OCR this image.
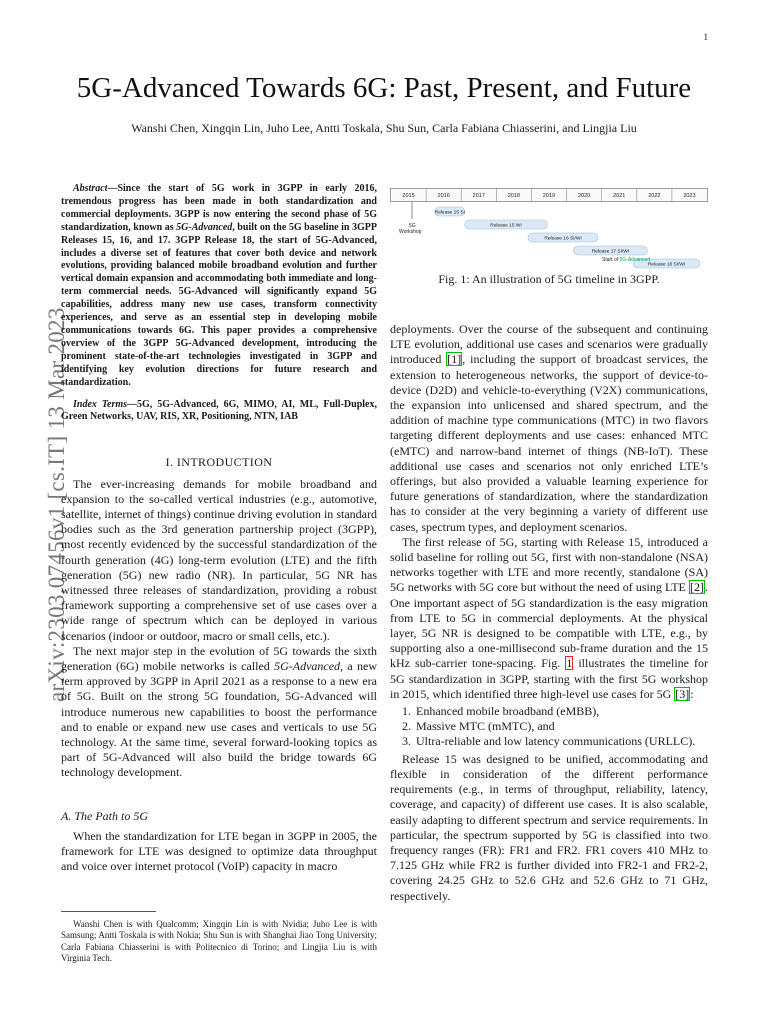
1
arXiv:2303.07456v1 [cs.IT] 13 Mar 2023
5G-Advanced Towards 6G: Past, Present, and Future

Wanshi Chen, Xingqin Lin, Juho Lee, Antti Toskala, Shu Sun, Carla Fabiana Chiasserini, and Lingjia Liu

Abstract—Since the start of 5G work in 3GPP in early 2016, tremendous progress has been made in both standardization and commercial deployments. 3GPP is now entering the second phase of 5G standardization, known as 5G-Advanced, built on the 5G baseline in 3GPP Releases 15, 16, and 17. 3GPP Release 18, the start of 5G-Advanced, includes a diverse set of features that cover both device and network evolutions, providing balanced mobile broadband evolution and further vertical domain expansion and accommodating both immediate and long-term commercial needs. 5G-Advanced will significantly expand 5G capabilities, address many new use cases, transform connectivity experiences, and serve as an essential step in developing mobile communications towards 6G. This paper provides a comprehensive overview of the 3GPP 5G-Advanced development, introducing the prominent state-of-the-art technologies investigated in 3GPP and identifying key evolution directions for future research and standardization.

Index Terms—5G, 5G-Advanced, 6G, MIMO, AI, ML, Full-Duplex, Green Networks, UAV, RIS, XR, Positioning, NTN, IAB

I. INTRODUCTION

The ever-increasing demands for mobile broadband and expansion to the so-called vertical industries (e.g., automotive, satellite, internet of things) continue driving evolution in standard bodies such as the 3rd generation partnership project (3GPP), most recently evidenced by the successful standardization of the fourth generation (4G) long-term evolution (LTE) and the fifth generation (5G) new radio (NR). In particular, 5G NR has witnessed three releases of standardization, providing a robust framework supporting a comprehensive set of use cases over a wide range of spectrum which can be deployed in various scenarios (indoor or outdoor, macro or small cells, etc.).

The next major step in the evolution of 5G towards the sixth generation (6G) mobile networks is called 5G-Advanced, a new term approved by 3GPP in April 2021 as a response to a new era of 5G. Built on the strong 5G foundation, 5G-Advanced will introduce numerous new capabilities to boost the performance and to enable or expand new use cases and verticals to use 5G technology. At the same time, several forward-looking topics as part of 5G-Advanced will also build the bridge towards 6G technology development.

A. The Path to 5G

When the standardization for LTE began in 3GPP in 2005, the framework for LTE was designed to optimize data throughput and voice over internet protocol (VoIP) capacity in macro

Wanshi Chen is with Qualcomm; Xingqin Lin is with Nvidia; Juho Lee is with Samsung; Antti Toskala is with Nokia; Shu Sun is with Shanghai Jiao Tong University; Carla Fabiana Chiasserini is with Politecnico di Torino; and Lingjia Liu is with Virginia Tech.

2015	2016	2017	2018	2019	2020	2021	2022	2023
5G
Workshop
Release 15 SI
Release 15 WI
Release 16 SI/WI
Release 17 SI/WI
Release 18 SI/WI
Start of 5G-Advanced
Fig. 1: An illustration of 5G timeline in 3GPP.

deployments. Over the course of the subsequent and continuing LTE evolution, additional use cases and scenarios were gradually introduced [1], including the support of broadcast services, the extension to heterogeneous networks, the support of device-to-device (D2D) and vehicle-to-everything (V2X) communications, the expansion into unlicensed and shared spectrum, and the addition of machine type communications (MTC) in two flavors targeting different deployments and use cases: enhanced MTC (eMTC) and narrow-band internet of things (NB-IoT). These additional use cases and scenarios not only enriched LTE’s offerings, but also provided a valuable learning experience for future generations of standardization, where the standardization has to consider at the very beginning a variety of different use cases, spectrum types, and deployment scenarios.

The first release of 5G, starting with Release 15, introduced a solid baseline for rolling out 5G, first with non-standalone (NSA) networks together with LTE and more recently, standalone (SA) 5G networks with 5G core but without the need of using LTE [2]. One important aspect of 5G standardization is the easy migration from LTE to 5G in commercial deployments. At the physical layer, 5G NR is designed to be compatible with LTE, e.g., by supporting also a one-millisecond sub-frame duration and the 15 kHz sub-carrier tone-spacing. Fig. 1 illustrates the timeline for 5G standardization in 3GPP, starting with the first 5G workshop in 2015, which identified three high-level use cases for 5G [3]:

1. Enhanced mobile broadband (eMBB),
2. Massive MTC (mMTC), and
3. Ultra-reliable and low latency communications (URLLC).

Release 15 was designed to be unified, accommodating and flexible in consideration of the different performance requirements (e.g., in terms of throughput, reliability, latency, coverage, and capacity) of different use cases. It is also scalable, easily adapting to different spectrum and service requirements. In particular, the spectrum supported by 5G is classified into two frequency ranges (FR): FR1 and FR2. FR1 covers 410 MHz to 7.125 GHz while FR2 is further divided into FR2-1 and FR2-2, covering 24.25 GHz to 52.6 GHz and 52.6 GHz to 71 GHz, respectively.
